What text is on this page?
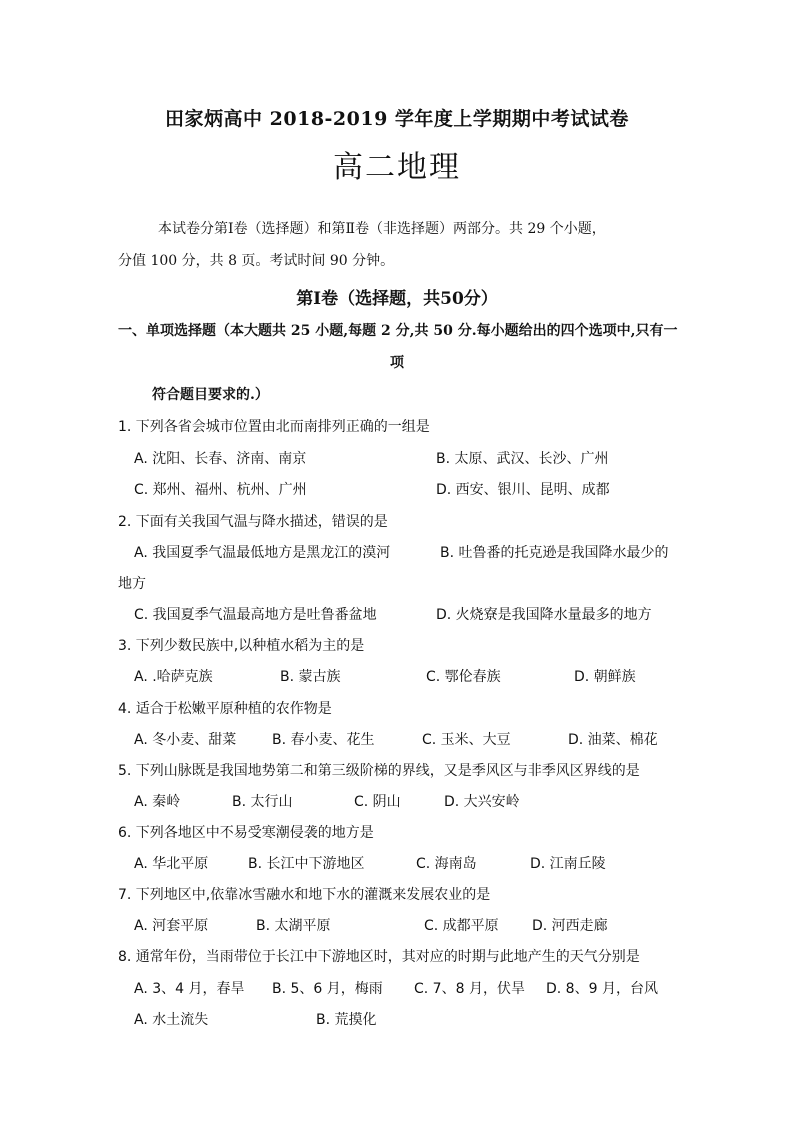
田家炳高中 2018-2019 学年度上学期期中考试试卷
高二地理
本试卷分第Ⅰ卷（选择题）和第Ⅱ卷（非选择题）两部分。共 29 个小题，
分值 100 分，共 8 页。考试时间 90 分钟。
第Ⅰ卷（选择题，共50分）
一、单项选择题（本大题共 25 小题,每题 2 分,共 50 分.每小题给出的四个选项中,只有一
项
符合题目要求的.）
1. 下列各省会城市位置由北而南排列正确的一组是
A. 沈阳、长春、济南、南京	B. 太原、武汉、长沙、广州
C. 郑州、福州、杭州、广州	D. 西安、银川、昆明、成都
2. 下面有关我国气温与降水描述，错误的是
A. 我国夏季气温最低地方是黑龙江的漠河	B. 吐鲁番的托克逊是我国降水最少的
地方
C. 我国夏季气温最高地方是吐鲁番盆地	D. 火烧寮是我国降水量最多的地方
3. 下列少数民族中,以种植水稻为主的是
A. .哈萨克族	B. 蒙古族	C. 鄂伦春族	D. 朝鲜族
4. 适合于松嫩平原种植的农作物是
A. 冬小麦、甜菜	B. 春小麦、花生	C. 玉米、大豆	D. 油菜、棉花
5. 下列山脉既是我国地势第二和第三级阶梯的界线，又是季风区与非季风区界线的是
A. 秦岭	B. 太行山	C. 阴山	D. 大兴安岭
6. 下列各地区中不易受寒潮侵袭的地方是
A. 华北平原	B. 长江中下游地区	C. 海南岛	D. 江南丘陵
7. 下列地区中,依靠冰雪融水和地下水的灌溉来发展农业的是
A. 河套平原	B. 太湖平原	C. 成都平原 D. 河西走廊
8. 通常年份，当雨带位于长江中下游地区时，其对应的时期与此地产生的天气分别是
A. 3、4 月，春旱 B. 5、6 月，梅雨 C. 7、8 月，伏旱 D. 8、9 月，台风
A. 水土流失	B. 荒摸化
